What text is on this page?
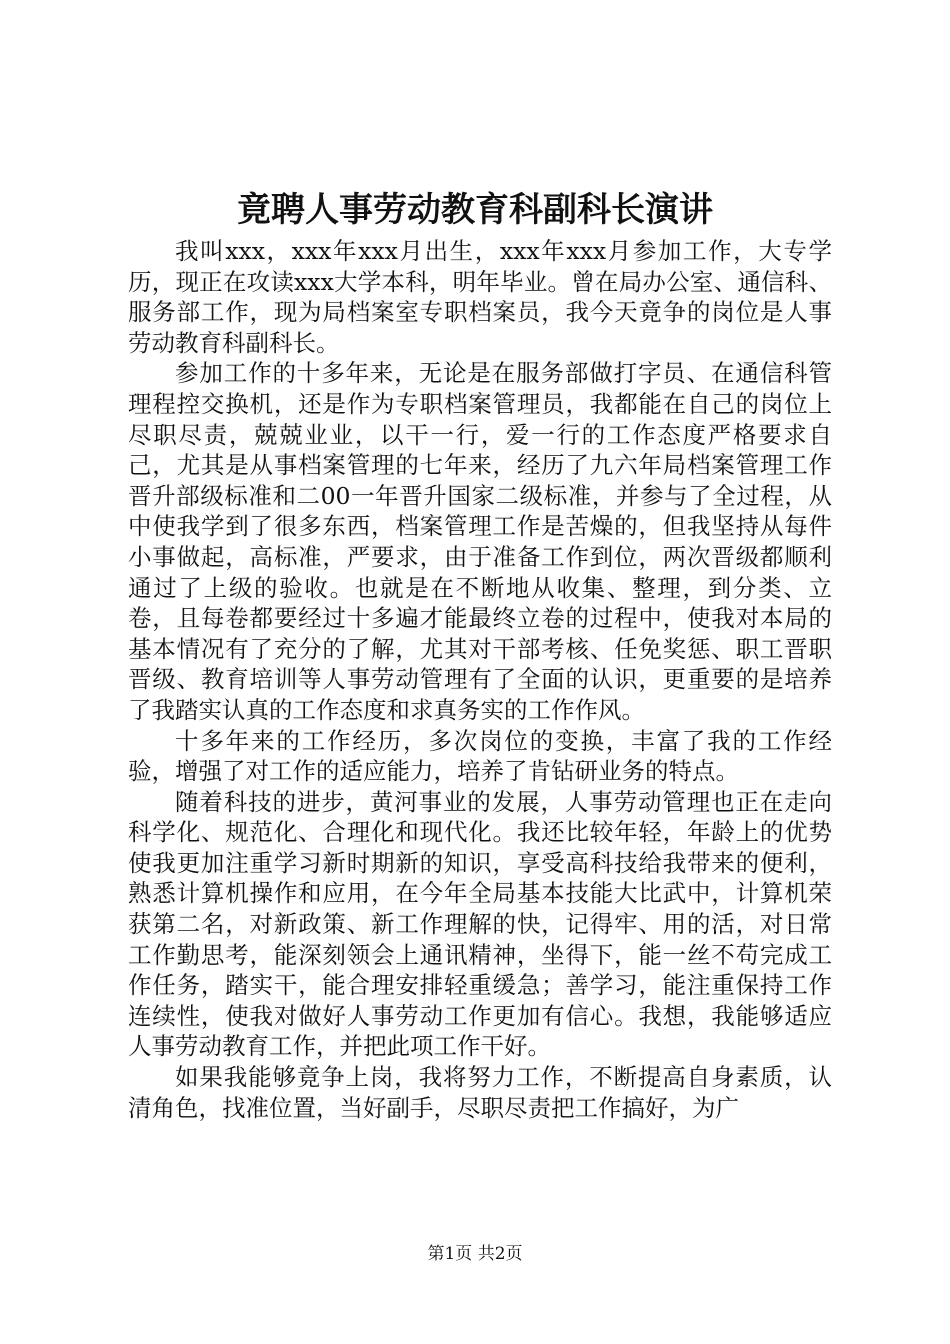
竟聘人事劳动教育科副科长演讲

我叫xxx，xxx年xxx月出生，xxx年xxx月参加工作，大专学历，现正在攻读xxx大学本科，明年毕业。曾在局办公室、通信科、服务部工作，现为局档案室专职档案员，我今天竟争的岗位是人事劳动教育科副科长。

参加工作的十多年来，无论是在服务部做打字员、在通信科管理程控交换机，还是作为专职档案管理员，我都能在自己的岗位上尽职尽责，兢兢业业，以干一行，爱一行的工作态度严格要求自己，尤其是从事档案管理的七年来，经历了九六年局档案管理工作晋升部级标准和二00一年晋升国家二级标准，并参与了全过程，从中使我学到了很多东西，档案管理工作是苦燥的，但我坚持从每件小事做起，高标准，严要求，由于准备工作到位，两次晋级都顺利通过了上级的验收。也就是在不断地从收集、整理，到分类、立卷，且每卷都要经过十多遍才能最终立卷的过程中，使我对本局的基本情况有了充分的了解，尤其对干部考核、任免奖惩、职工晋职晋级、教育培训等人事劳动管理有了全面的认识，更重要的是培养了我踏实认真的工作态度和求真务实的工作作风。

十多年来的工作经历，多次岗位的变换，丰富了我的工作经验，增强了对工作的适应能力，培养了肯钻研业务的特点。

随着科技的进步，黄河事业的发展，人事劳动管理也正在走向科学化、规范化、合理化和现代化。我还比较年轻，年龄上的优势使我更加注重学习新时期新的知识，享受高科技给我带来的便利，熟悉计算机操作和应用，在今年全局基本技能大比武中，计算机荣获第二名，对新政策、新工作理解的快，记得牢、用的活，对日常工作勤思考，能深刻领会上通讯精神，坐得下，能一丝不苟完成工作任务，踏实干，能合理安排轻重缓急；善学习，能注重保持工作连续性，使我对做好人事劳动工作更加有信心。我想，我能够适应人事劳动教育工作，并把此项工作干好。

如果我能够竟争上岗，我将努力工作，不断提高自身素质，认清角色，找准位置，当好副手，尽职尽责把工作搞好，为广

第1页 共2页
